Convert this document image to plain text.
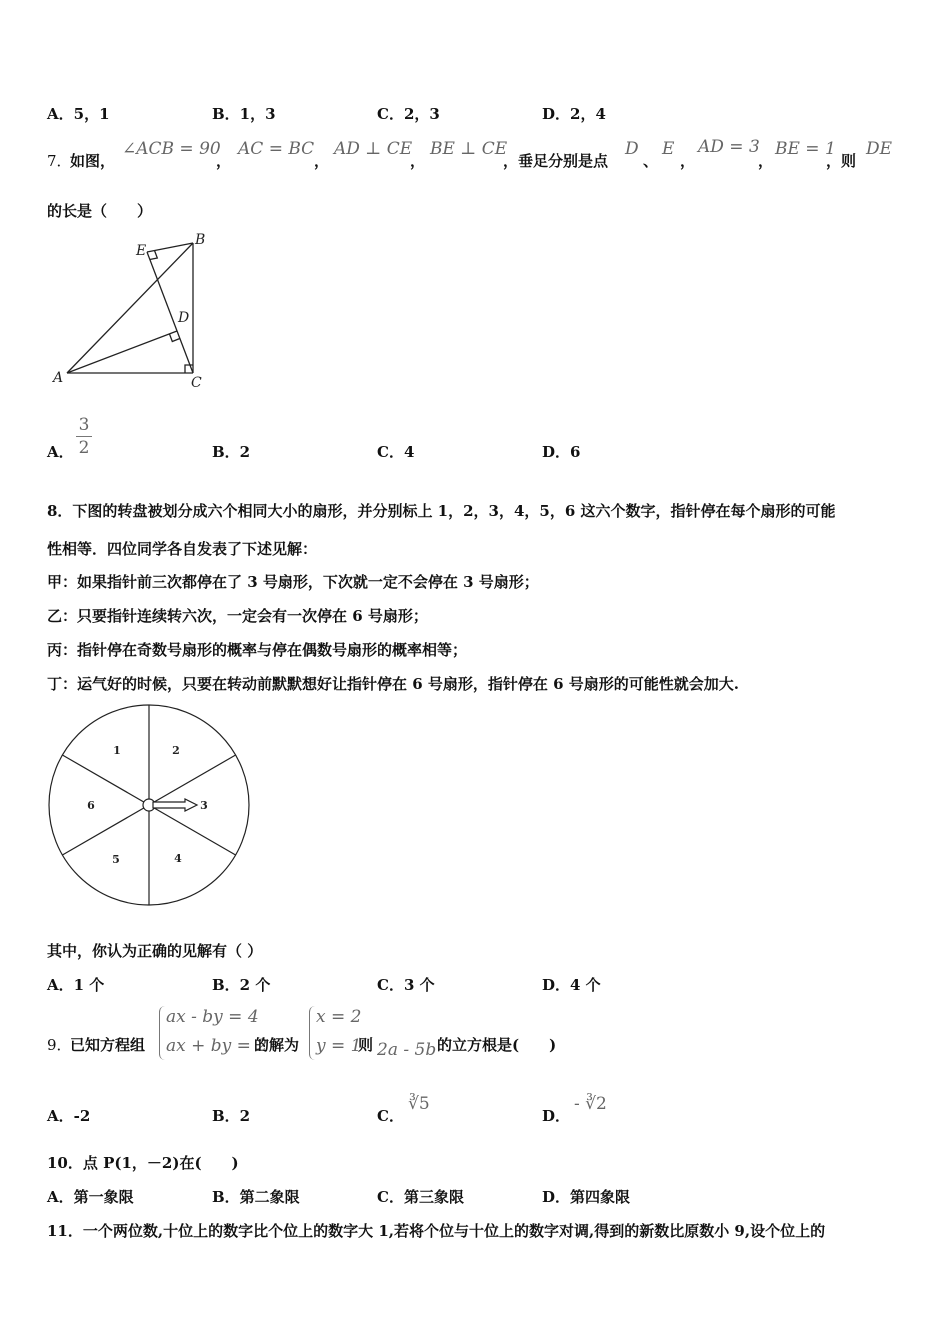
A．5，1	B．1，3	C．2，3	D．2，4
7．
如图，
∠ACB = 90
，
AC = BC
，
AD ⊥ CE
，
BE ⊥ CE
，垂足分别是点
D
、
E
，
AD = 3
，
BE = 1
，则
DE
的长是（　　）
E
B
D
A	C
A．	B．2	C．4	D．6
3
2
8．下图的转盘被划分成六个相同大小的扇形，并分别标上 1，2，3，4，5，6 这六个数字，指针停在每个扇形的可能
性相等．四位同学各自发表了下述见解：
甲：如果指针前三次都停在了 3 号扇形，下次就一定不会停在 3 号扇形；
乙：只要指针连续转六次，一定会有一次停在 6 号扇形；
丙：指针停在奇数号扇形的概率与停在偶数号扇形的概率相等；
丁：运气好的时候，只要在转动前默默想好让指针停在 6 号扇形，指针停在 6 号扇形的可能性就会加大.
1	2
3
4
5
6
其中，你认为正确的见解有（ ）
A．1 个	B．2 个	C．3 个	D．4 个
9．
已知方程组
ax - by = 4
ax + by = 2
的解为
x = 2
y = 1
则 2a - 5b 的立方根是(　　)
A．-2	B．2	C．	D．
∛5	- ∛2
10．点 P(1，－2)在(　　)
A．第一象限	B．第二象限	C．第三象限	D．第四象限
11．一个两位数,十位上的数字比个位上的数字大 1,若将个位与十位上的数字对调,得到的新数比原数小 9,设个位上的
